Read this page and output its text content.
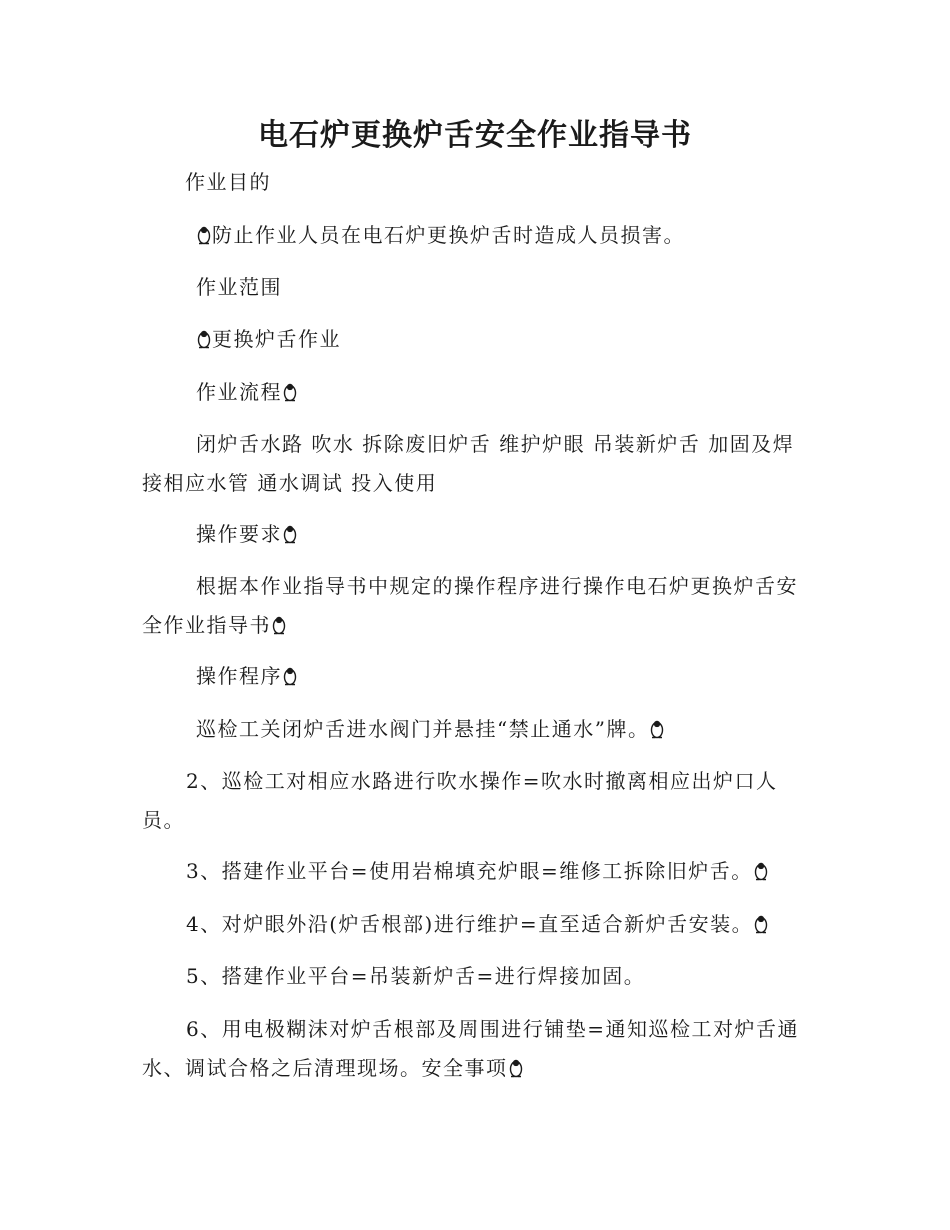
电石炉更换炉舌安全作业指导书
作业目的
防止作业人员在电石炉更换炉舌时造成人员损害。
作业范围
更换炉舌作业
作业流程
闭炉舌水路 吹水 拆除废旧炉舌 维护炉眼 吊装新炉舌 加固及焊接相应水管 通水调试 投入使用
操作要求
根据本作业指导书中规定的操作程序进行操作电石炉更换炉舌安全作业指导书
操作程序
巡检工关闭炉舌进水阀门并悬挂“禁止通水”牌。
2、巡检工对相应水路进行吹水操作=吹水时撤离相应出炉口人员。
3、搭建作业平台=使用岩棉填充炉眼=维修工拆除旧炉舌。
4、对炉眼外沿(炉舌根部)进行维护=直至适合新炉舌安装。
5、搭建作业平台=吊装新炉舌=进行焊接加固。
6、用电极糊沫对炉舌根部及周围进行铺垫=通知巡检工对炉舌通水、调试合格之后清理现场。安全事项
